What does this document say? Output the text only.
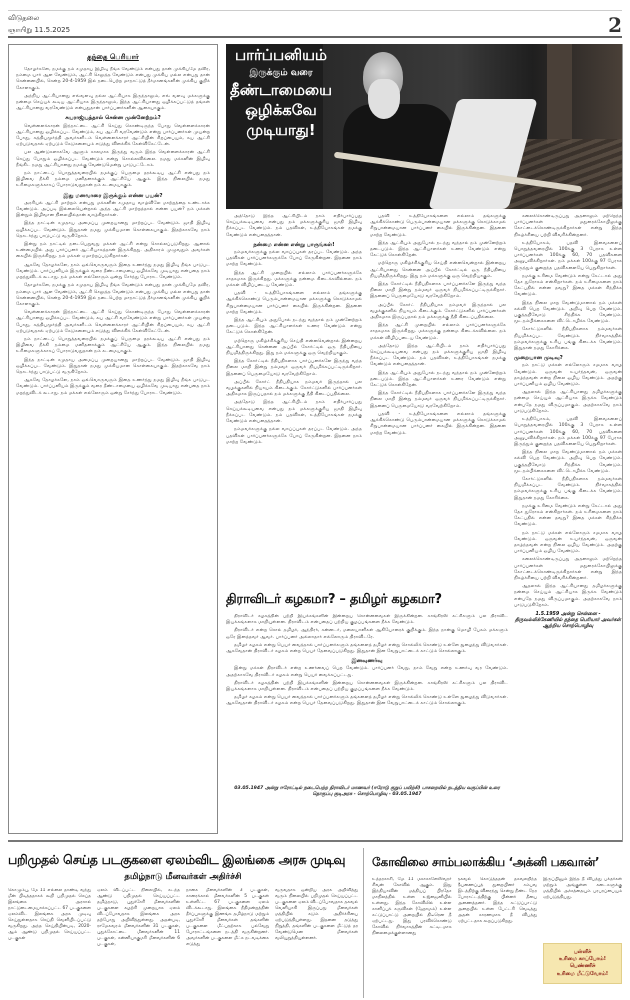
விடுதலை
ஞாயிறு 11.5.2025	2
தந்தை பெரியார்

தோழர்களே, நமக்கு நம் சமுதாய இழிவு நீங்க வேண்டும் என்பது தான் முக்கியமே தவிர, நம்மை யார் ஆள வேண்டும், ஆட்சி செலுத்த வேண்டும் என்பது முக்கிய மல்ல என்பது தான் சென்னையில், சென்ற 20-4-1959 இல் நடைபெற்ற மாநாட்டுத் தீர்மானங்களின் முக்கிய குறிக் கோளாகும்.

அந்நிய ஆட்சியானது எவ்வளவு நல்ல ஆட்சியாக இருந்தாலும், எவ் வளவு மக்களுக்கு நன்மை செய்யக் கூடிய ஆட்சியாக இருந்தாலும், இந்த ஆட்சியானது ஒழிக்கப்பட்டுத் தங்கள் ஆட்சியானது வரவேண்டும் என்பதுதான் பார்ப்பனர்களின் ஆசையாகும்.

சுயராஜ்யத்தால் சென்ன முன்னேற்றம்?

வெள்ளைக்காரன் இந்நாட்டை ஆட்சி செய்து கொண்டிருந்த போது வெள்ளைக்காரன் ஆட்சியானது ஒழிக்கப்பட வேண்டும், சுய ஆட்சி வரவேண்டும் என்று பார்ப்பனர்கள் முயன்ற போது, சுத்தியமூர்த்தி அவர்களிடம் வெள்ளைக்காரர் ஆட்சியின் சிறப்பையும், சுய ஆட்சி ஏற்படுவதால் ஏற்படும் கேடுகளையும் எடுத்து விளக்கிக் கேள்விகேட்டேன்.

பல ஆண்டுகளாகவே ஆளும் காலமாக இருந்து வரும் இந்த வெள்ளைக்காரன் ஆட்சி செய்து போதும் ஒழிக்கப்பட வேண்டும் என்று சொல்லவில்லை. நமது மக்களின் இழிவு நீங்கிட நமது ஆட்சியானது நமக்கு வேண்டுமென்று பாடுபட்டோம்.

நம் நாட்டைப் பொறுத்தவரையில் நமக்குப் பெருமை தரக்கூடிய ஆட்சி என்பது நம் இழிவை நீக்கி நம்மை மனிதனாக்கும் ஆட்சியே ஆகும். இந்த நிலையில் நமது உரிமைகளுக்காகப் போராடுவதுதான் நம் கடமையாகும்.

இது மனவாரை இருக்கும் என்ன பயன்?

அரசியல் ஆட்சி மாற்றம் என்பது மக்களின் சமுதாய வாழ்விலே மாற்றத்தை உண்டாக்க வேண்டும். அப்படி இல்லையென்றால் அந்த ஆட்சி மாற்றத்தால் என்ன பயன்? நம் மக்கள் இன்றும் இழிவான நிலையில்தான் வாழ்கிறார்கள்.

இந்த நாட்டின் சமுதாய அமைப்பு முறையானது மாற்றப்பட வேண்டும். ஜாதி இழிவு ஒழிக்கப்பட வேண்டும். இதுதான் நமது முக்கியமான கொள்கையாகும். இதற்காகவே நாம் தொடர்ந்து பாடுபட்டு வருகிறோம்.

இன்று நம் நாட்டில் நடைபெறுவது மக்கள் ஆட்சி என்று சொல்லப்படுகிறது. ஆனால் உண்மையில் அது பார்ப்பனர் ஆட்சியாகத்தான் இருக்கிறது. அதிகாரம் முழுவதும் அவர்கள் கையில் இருக்கிறது. நம் மக்கள் ஏமாற்றப்படுகிறார்கள்.

ஆகவே தோழர்களே, நாம் ஒவ்வொருவரும் இதை உணர்ந்து நமது இழிவு நீங்க பாடுபட வேண்டும். பார்ப்பனியம் இருக்கும் வரை தீண்டாமையை ஒழிக்கவே முடியாது என்பதை நாம் மறந்துவிடக் கூடாது. நம் மக்கள் எல்லோரும் ஒன்று சேர்ந்து போராட வேண்டும்.

தோழர்களே, நமக்கு நம் சமுதாய இழிவு நீங்க வேண்டும் என்பது தான் முக்கியமே தவிர, நம்மை யார் ஆள வேண்டும், ஆட்சி செலுத்த வேண்டும் என்பது முக்கிய மல்ல என்பது தான் சென்னையில், சென்ற 20-4-1959 இல் நடைபெற்ற மாநாட்டுத் தீர்மானங்களின் முக்கிய குறிக் கோளாகும்.

வெள்ளைக்காரன் இந்நாட்டை ஆட்சி செய்து கொண்டிருந்த போது வெள்ளைக்காரன் ஆட்சியானது ஒழிக்கப்பட வேண்டும், சுய ஆட்சி வரவேண்டும் என்று பார்ப்பனர்கள் முயன்ற போது, சுத்தியமூர்த்தி அவர்களிடம் வெள்ளைக்காரர் ஆட்சியின் சிறப்பையும், சுய ஆட்சி ஏற்படுவதால் ஏற்படும் கேடுகளையும் எடுத்து விளக்கிக் கேள்விகேட்டேன்.

நம் நாட்டைப் பொறுத்தவரையில் நமக்குப் பெருமை தரக்கூடிய ஆட்சி என்பது நம் இழிவை நீக்கி நம்மை மனிதனாக்கும் ஆட்சியே ஆகும். இந்த நிலையில் நமது உரிமைகளுக்காகப் போராடுவதுதான் நம் கடமையாகும்.

இந்த நாட்டின் சமுதாய அமைப்பு முறையானது மாற்றப்பட வேண்டும். ஜாதி இழிவு ஒழிக்கப்பட வேண்டும். இதுதான் நமது முக்கியமான கொள்கையாகும். இதற்காகவே நாம் தொடர்ந்து பாடுபட்டு வருகிறோம்.

ஆகவே தோழர்களே, நாம் ஒவ்வொருவரும் இதை உணர்ந்து நமது இழிவு நீங்க பாடுபட வேண்டும். பார்ப்பனியம் இருக்கும் வரை தீண்டாமையை ஒழிக்கவே முடியாது என்பதை நாம் மறந்துவிடக் கூடாது. நம் மக்கள் எல்லோரும் ஒன்று சேர்ந்து போராட வேண்டும்.

பார்ப்பனியம்
இருக்கும் வரை
தீண்டாமையை
ஒழிக்கவே
முடியாது!

அத்தோடு இந்த ஆட்சியிடம் நாம் எதிர்பார்ப்பது செய்யக்கூடியவை என்பது நம் மக்களுக்குரிய ஜாதி இழிவு நீக்கப்பட வேண்டும். நம் பதவிகள், உத்தியோகங்கள் நமக்கு வேண்டும் என்பதைத்தான்.

நன்மை என்ன என்று பாருங்கள்!

நம்மவர்களுக்கு நல்ல வாய்ப்புகள் தரப்பட வேண்டும். அந்த பதவிகள் பார்ப்பனர்களுக்கே போய் சேருகின்றன. இதனை நாம் மாற்ற வேண்டும்.

இந்த ஆட்சி முறையில் எல்லாம் பார்ப்பனர்களுக்கே சாதகமாக இருக்கிறது. மக்களுக்கு நன்மை கிடைக்கவில்லை. நம் மக்கள் விழிப்படைய வேண்டும்.

பதவி - உத்தியோகங்களை எல்லாம் தங்களுக்கு ஆக்கிக்கொண்டு பெரும்பான்மையான மக்களுக்கு கொடுக்காமல் சிறுபான்மையான பார்ப்பனர் கையில் இருக்கின்றன. இதனை மாற்ற வேண்டும்.

இந்த ஆட்சியும் அதுபோல் நடந்து வந்தால் நம் முன்னேற்றம் தடைபடும். இந்த ஆட்சியாளர்கள் உணர வேண்டும் என்று கேட்டுக் கொள்கிறேன்.

மற்றொரு மகிழ்ச்சிக்குரிய செய்தி என்னவென்றால் இன்றைய ஆட்சியானது சென்னை அப்பீல் கோர்ட்டில் ஒரு நீதிபதியை நியமித்திருக்கிறது. இது நம் மக்களுக்கு ஒரு வெற்றியாகும்.

இந்த கோர்ட்டில் நீதிபதிகளாக பார்ப்பனர்களே இருந்து வந்த நிலை மாறி இன்று நம்மவர் ஒருவர் நியமிக்கப்பட்டிருக்கிறார். இதனைப் பெருமையோடு வரவேற்கிறோம்.

அப்பீல் கோர்ட் நீதிபதியாக நம்மவர் இருந்தால் பல வழக்குகளில் நியாயம் கிடைக்கும். கோர்ட்டுகளில் பார்ப்பனர்கள் அதிகமாக இருப்பதால் நம் மக்களுக்கு நீதி கிடைப்பதில்லை.

அத்தோடு இந்த ஆட்சியிடம் நாம் எதிர்பார்ப்பது செய்யக்கூடியவை என்பது நம் மக்களுக்குரிய ஜாதி இழிவு நீக்கப்பட வேண்டும். நம் பதவிகள், உத்தியோகங்கள் நமக்கு வேண்டும் என்பதைத்தான்.

நம்மவர்களுக்கு நல்ல வாய்ப்புகள் தரப்பட வேண்டும். அந்த பதவிகள் பார்ப்பனர்களுக்கே போய் சேருகின்றன. இதனை நாம் மாற்ற வேண்டும்.

பதவி - உத்தியோகங்களை எல்லாம் தங்களுக்கு ஆக்கிக்கொண்டு பெரும்பான்மையான மக்களுக்கு கொடுக்காமல் சிறுபான்மையான பார்ப்பனர் கையில் இருக்கின்றன. இதனை மாற்ற வேண்டும்.

இந்த ஆட்சியும் அதுபோல் நடந்து வந்தால் நம் முன்னேற்றம் தடைபடும். இந்த ஆட்சியாளர்கள் உணர வேண்டும் என்று கேட்டுக் கொள்கிறேன்.

மற்றொரு மகிழ்ச்சிக்குரிய செய்தி என்னவென்றால் இன்றைய ஆட்சியானது சென்னை அப்பீல் கோர்ட்டில் ஒரு நீதிபதியை நியமித்திருக்கிறது. இது நம் மக்களுக்கு ஒரு வெற்றியாகும்.

இந்த கோர்ட்டில் நீதிபதிகளாக பார்ப்பனர்களே இருந்து வந்த நிலை மாறி இன்று நம்மவர் ஒருவர் நியமிக்கப்பட்டிருக்கிறார். இதனைப் பெருமையோடு வரவேற்கிறோம்.

அப்பீல் கோர்ட் நீதிபதியாக நம்மவர் இருந்தால் பல வழக்குகளில் நியாயம் கிடைக்கும். கோர்ட்டுகளில் பார்ப்பனர்கள் அதிகமாக இருப்பதால் நம் மக்களுக்கு நீதி கிடைப்பதில்லை.

இந்த ஆட்சி முறையில் எல்லாம் பார்ப்பனர்களுக்கே சாதகமாக இருக்கிறது. மக்களுக்கு நன்மை கிடைக்கவில்லை. நம் மக்கள் விழிப்படைய வேண்டும்.

அத்தோடு இந்த ஆட்சியிடம் நாம் எதிர்பார்ப்பது செய்யக்கூடியவை என்பது நம் மக்களுக்குரிய ஜாதி இழிவு நீக்கப்பட வேண்டும். நம் பதவிகள், உத்தியோகங்கள் நமக்கு வேண்டும் என்பதைத்தான்.

இந்த ஆட்சியும் அதுபோல் நடந்து வந்தால் நம் முன்னேற்றம் தடைபடும். இந்த ஆட்சியாளர்கள் உணர வேண்டும் என்று கேட்டுக் கொள்கிறேன்.

இந்த கோர்ட்டில் நீதிபதிகளாக பார்ப்பனர்களே இருந்து வந்த நிலை மாறி இன்று நம்மவர் ஒருவர் நியமிக்கப்பட்டிருக்கிறார். இதனைப் பெருமையோடு வரவேற்கிறோம்.

பதவி - உத்தியோகங்களை எல்லாம் தங்களுக்கு ஆக்கிக்கொண்டு பெரும்பான்மையான மக்களுக்கு கொடுக்காமல் சிறுபான்மையான பார்ப்பனர் கையில் இருக்கின்றன. இதனை மாற்ற வேண்டும்.

கலைக்கொண்டிருப்பது அதனாலும் மற்றெந்த பார்ப்பனர்கள் மதுரைக்கோயிலுக்கு கோட்டைக்கொண்டிருக்கிறார்கள் என்று இந்த நிகழ்ச்சியை பற்றி விவரிக்கின்றனர்.

உத்தியோகம், பதவி இவைகளைப் பொறுத்தவரையில் 100க்கு 3 பேராக உள்ள பார்ப்பனர்கள் 100க்கு 60, 70 பதவிகளை அனுபவிக்கிறார்கள். நம் மக்கள் 100க்கு 97 பேராக இருந்தும் குறைந்த பதவிகளையே பெறுகிறார்கள்.

நமக்கு உரிமை வேண்டும் என்று கேட்டால் அது தேச துரோகம் என்கிறார்கள். நம் உரிமைகளை நாம் கேட்பதில் என்ன தவறு? இதை மக்கள் சிந்திக்க வேண்டும்.

இந்த நிலை மாற வேண்டுமானால் நம் மக்கள் கல்வி பெற வேண்டும். அறிவு பெற வேண்டும். பகுத்தறிவோடு சிந்திக்க வேண்டும். மூடநம்பிக்கைகளை விட்டொழிக்க வேண்டும்.

கோர்ட்டுகளில் நீதிபதிகளாக நம்மவர்கள் நியமிக்கப்பட வேண்டும். நிர்வாகத்தில் நம்மவர்களுக்கு உரிய பங்கு கிடைக்க வேண்டும். இதுதான் நமது கோரிக்கை.

முறையான முடிவு?

நம் நாட்டு மக்கள் எல்லோரும் சமமாக வாழ வேண்டும். ஒருவன் உயர்ந்தவன், ஒருவன் தாழ்ந்தவன் என்ற நிலை ஒழிய வேண்டும். அதற்கு பார்ப்பனியம் ஒழிய வேண்டும்.

ஆதலால் இந்த ஆட்சியானது தமிழர்களுக்கு நன்மை செய்யும் ஆட்சியாக இருக்க வேண்டும் என்பதே நமது விருப்பமாகும். அதற்காகவே நாம் பாடுபடுகிறோம்.

உத்தியோகம், பதவி இவைகளைப் பொறுத்தவரையில் 100க்கு 3 பேராக உள்ள பார்ப்பனர்கள் 100க்கு 60, 70 பதவிகளை அனுபவிக்கிறார்கள். நம் மக்கள் 100க்கு 97 பேராக இருந்தும் குறைந்த பதவிகளையே பெறுகிறார்கள்.

இந்த நிலை மாற வேண்டுமானால் நம் மக்கள் கல்வி பெற வேண்டும். அறிவு பெற வேண்டும். பகுத்தறிவோடு சிந்திக்க வேண்டும். மூடநம்பிக்கைகளை விட்டொழிக்க வேண்டும்.

கோர்ட்டுகளில் நீதிபதிகளாக நம்மவர்கள் நியமிக்கப்பட வேண்டும். நிர்வாகத்தில் நம்மவர்களுக்கு உரிய பங்கு கிடைக்க வேண்டும். இதுதான் நமது கோரிக்கை.

நமக்கு உரிமை வேண்டும் என்று கேட்டால் அது தேச துரோகம் என்கிறார்கள். நம் உரிமைகளை நாம் கேட்பதில் என்ன தவறு? இதை மக்கள் சிந்திக்க வேண்டும்.

நம் நாட்டு மக்கள் எல்லோரும் சமமாக வாழ வேண்டும். ஒருவன் உயர்ந்தவன், ஒருவன் தாழ்ந்தவன் என்ற நிலை ஒழிய வேண்டும். அதற்கு பார்ப்பனியம் ஒழிய வேண்டும்.

கலைக்கொண்டிருப்பது அதனாலும் மற்றெந்த பார்ப்பனர்கள் மதுரைக்கோயிலுக்கு கோட்டைக்கொண்டிருக்கிறார்கள் என்று இந்த நிகழ்ச்சியை பற்றி விவரிக்கின்றனர்.

ஆதலால் இந்த ஆட்சியானது தமிழர்களுக்கு நன்மை செய்யும் ஆட்சியாக இருக்க வேண்டும் என்பதே நமது விருப்பமாகும். அதற்காகவே நாம் பாடுபடுகிறோம்.

1.5.1959 அன்று சென்னை - திருவல்லிக்கேணியில் தந்தை பெரியார் அவர்கள் ஆற்றிய சொற்பொழிவு
திராவிடர் கழகமா? – தமிழர் கழகமா?

திராவிடர் கழகத்தின் பற்றி இயக்கங்களின் இன்றைய சொன்னவைகள் இருக்கின்றன. காங்கிரஸ் கட்சிகளும் பல திராவிட இயக்கங்களாக மாறியுள்ளன. திராவிடம் என்பதைப் பற்றிய குழப்பங்களை நீக்க வேண்டும்.

திராவிடர் என்ற சொல் தமிழர், ஆந்திரர், கன்னடர், மலையாளிகள் ஆகியோரைக் குறிக்கும். இந்த நான்கு மொழி பேசும் மக்களும் ஒரே இனத்தவர் ஆவர். பார்ப்பனர் அல்லாதார் எல்லோரும் திராவிடரே.

தமிழர் கழகம் என்று பெயர் வைத்தால் பார்ப்பனர்களும் தங்களைத் தமிழர் என்று சொல்லிக் கொண்டு உள்ளே நுழைந்து விடுவார்கள். ஆகவேதான் திராவிடர் கழகம் என்ற பெயர் தேவைப்படுகிறது. இதுதான் இன வேறுபாட்டைக் காட்டும் சொல்லாகும்.

இனவுணர்வு

இன்று மக்கள் திராவிடர் என்ற உணர்வைப் பெற வேண்டும். பார்ப்பனர் வேறு, நாம் வேறு என்ற உணர்வு வர வேண்டும். அதற்காகவே திராவிடர் கழகம் என்று பெயர் வைக்கப்பட்டது.

திராவிடர் கழகத்தின் பற்றி இயக்கங்களின் இன்றைய சொன்னவைகள் இருக்கின்றன. காங்கிரஸ் கட்சிகளும் பல திராவிட இயக்கங்களாக மாறியுள்ளன. திராவிடம் என்பதைப் பற்றிய குழப்பங்களை நீக்க வேண்டும்.

தமிழர் கழகம் என்று பெயர் வைத்தால் பார்ப்பனர்களும் தங்களைத் தமிழர் என்று சொல்லிக் கொண்டு உள்ளே நுழைந்து விடுவார்கள். ஆகவேதான் திராவிடர் கழகம் என்ற பெயர் தேவைப்படுகிறது. இதுதான் இன வேறுபாட்டைக் காட்டும் சொல்லாகும்.

03.05.1947 அன்று ஈரோட்டில் நடைபெற்ற திராவிடர் மாணவர் (ஈரோடு குறுப் பயிற்சி) பாசறையில் நடத்திய வகுப்பின் உரை தொகுப்பு குடிஅரசு - சொற்பொழிவு - 03.05.1947
பறிமுதல் செய்த படகுகளை ஏலம்விட இலங்கை அரசு முடிவு
தமிழ்நாடு மீனவர்கள் அதிர்ச்சி
கொழும்பு, மே 11 எல்லை தாண்டி வந்து மீன் பிடித்ததாகக் கூறி பறிமுதல் செய்த இலங்கை அரசால் நாட்டுடைமையாக்கப்பட்ட 67 படகுகளை ஏலம்விட இலங்கை அரசு முடிவு செய்துள்ளதாக செய்தி வெளியிடப்பட்டு வருகிறது. அந்த செய்தியின்படி, 2020-ஆம் ஆண்டு பறிமுதல் செய்யப்பட்ட படகுகள்
ஏலம் விடப்பட்ட நிலையில், கடந்த ஆண்டு பறிமுதல் செய்யப்பட்ட தமிழ்நாடு, புதுச்சேரி மீனவர்களின் படகுகளை சுழற்சி முறையாக ஏலம் விடப்போவதாக இலங்கை அரசு தற்போது அறிவித்துள்ளது. அதன்படி, ராமேசுவரம் மீனவர்களின் 31 படகுகள், புதுக்கோட்டை மீனவர்களின் 11 படகுகள், கன்னியாகுமரி மீனவர்களின் 6 படகுகள்,
நாகை மீனவர்களின் 3 படகுகள், காரைக்கால் மீனவர்களின் 5 படகுகள் உள்ளிட்ட 67 படகுகளை ஏலம் விடக்கூடாது. இலங்கை நீதிமன்றத்தின் தீர்ப்புகளுக்கு இணங்க தமிழ்நாடு மற்றும் புதுச்சேரி மீனவர்கள் தங்களின் படகுகளை மீட்பதற்காக பல்வேறு போராட்டங்களை நடத்தி வருகின்றனர். அவர்களின் படகுகளை மீட்க நடவடிக்கை எடுத்து
வருவதாக ஒன்றிய அரசு அறிவித்து வரும் நிலையில் பறிமுதல் செய்யப்பட்ட படகுகளை ஏலம் விடப்போவதாக தகவல் வெளியாகி இருப்பது மீனவர்கள் மத்தியில் கடும் அதிர்ச்சியை ஏற்படுத்தியுள்ளது. இதனை தடுத்து நிறுத்தி, தங்களின் படகுகளை மீட்டுத் தர வேண்டுமென மீனவர்கள் வலியுறுத்தியுள்ளனர்.
கோவிலை சாம்பலாக்கிய ‘அக்னி பகவான்’
உத்தரகாசி, மே 11 மகாகாளேஸ்வரர் சிவன் கோவில் ஆகும். இது இந்தியாவின் மத்தியப் பிரதேச மாநிலத்தில் உள்ள உஜ்ஜைனியில் உள்ளது. இந்த கோவிலில் உள்ள காளிப்புக் கருவிகள் (ஹோமம்) உள்ள கட்டுப்பாட்டு அறையில் திடீரென தீ ஏற்பட்டது. இது பரவிக்கொண்டு கோவில் நிர்வாகத்தின் கட்டிடமாக நிலைமைக்குள்ளானது
தகவல் கொடுத்ததன் தகவலறிந்த தீயணைப்புத் துறையினர் சம்பவ இடத்திற்கு விரைந்து சென்று நீண்ட நேர போராட்டத்திற்கு பின்னர் தீயை அணைத்தனர். இந்த கட்டுப்பாட்டு அறையில் உள்ள பேட்டரி வெடித்து அதன் காரணமாக தீ விபத்து ஏற்பட்டதாக கூறப்படுகிறது.
இருப்பினும் இந்த தீ விபத்து பக்தர்கள் மற்றும் அங்குள்ள கடைகளுக்கு மத்தியில் அச்சத்தையும் பரபரப்பையும் ஏற்படுத்தியது.
பள்ளிச்
உரிமை காப்போம்!
பெண்ணிச்
உரிமை மீட்டுவோம்!
